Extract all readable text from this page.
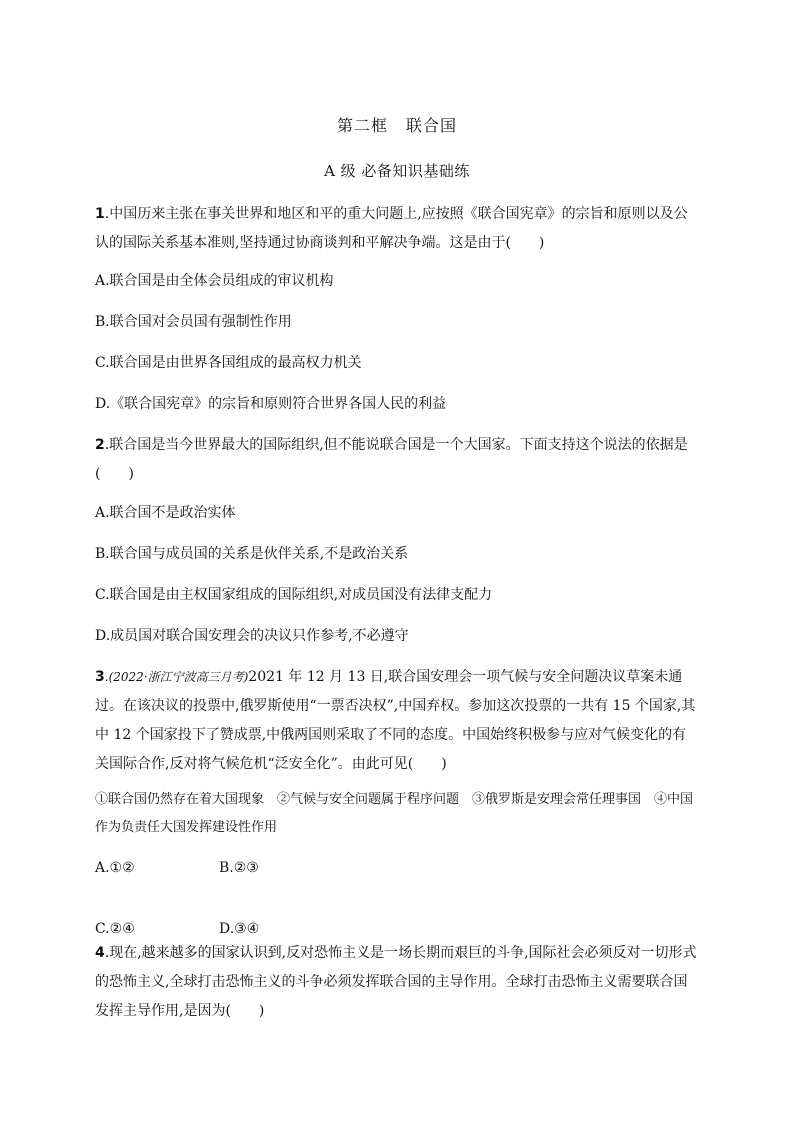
第二框 联合国
A 级 必备知识基础练
1.中国历来主张在事关世界和地区和平的重大问题上,应按照《联合国宪章》的宗旨和原则以及公认的国际关系基本准则,坚持通过协商谈判和平解决争端。这是由于(　　)
A.联合国是由全体会员组成的审议机构
B.联合国对会员国有强制性作用
C.联合国是由世界各国组成的最高权力机关
D.《联合国宪章》的宗旨和原则符合世界各国人民的利益
2.联合国是当今世界最大的国际组织,但不能说联合国是一个大国家。下面支持这个说法的依据是(　　)
A.联合国不是政治实体
B.联合国与成员国的关系是伙伴关系,不是政治关系
C.联合国是由主权国家组成的国际组织,对成员国没有法律支配力
D.成员国对联合国安理会的决议只作参考,不必遵守
3.(2022·浙江宁波高三月考)2021 年 12 月 13 日,联合国安理会一项气候与安全问题决议草案未通过。在该决议的投票中,俄罗斯使用“一票否决权”,中国弃权。参加这次投票的一共有 15 个国家,其中 12 个国家投下了赞成票,中俄两国则采取了不同的态度。中国始终积极参与应对气候变化的有关国际合作,反对将气候危机“泛安全化”。由此可见(　　)
①联合国仍然存在着大国现象　②气候与安全问题属于程序问题　③俄罗斯是安理会常任理事国　④中国作为负责任大国发挥建设性作用
A.①②	B.②③
C.②④	D.③④
4.现在,越来越多的国家认识到,反对恐怖主义是一场长期而艰巨的斗争,国际社会必须反对一切形式的恐怖主义,全球打击恐怖主义的斗争必须发挥联合国的主导作用。全球打击恐怖主义需要联合国发挥主导作用,是因为(　　)
